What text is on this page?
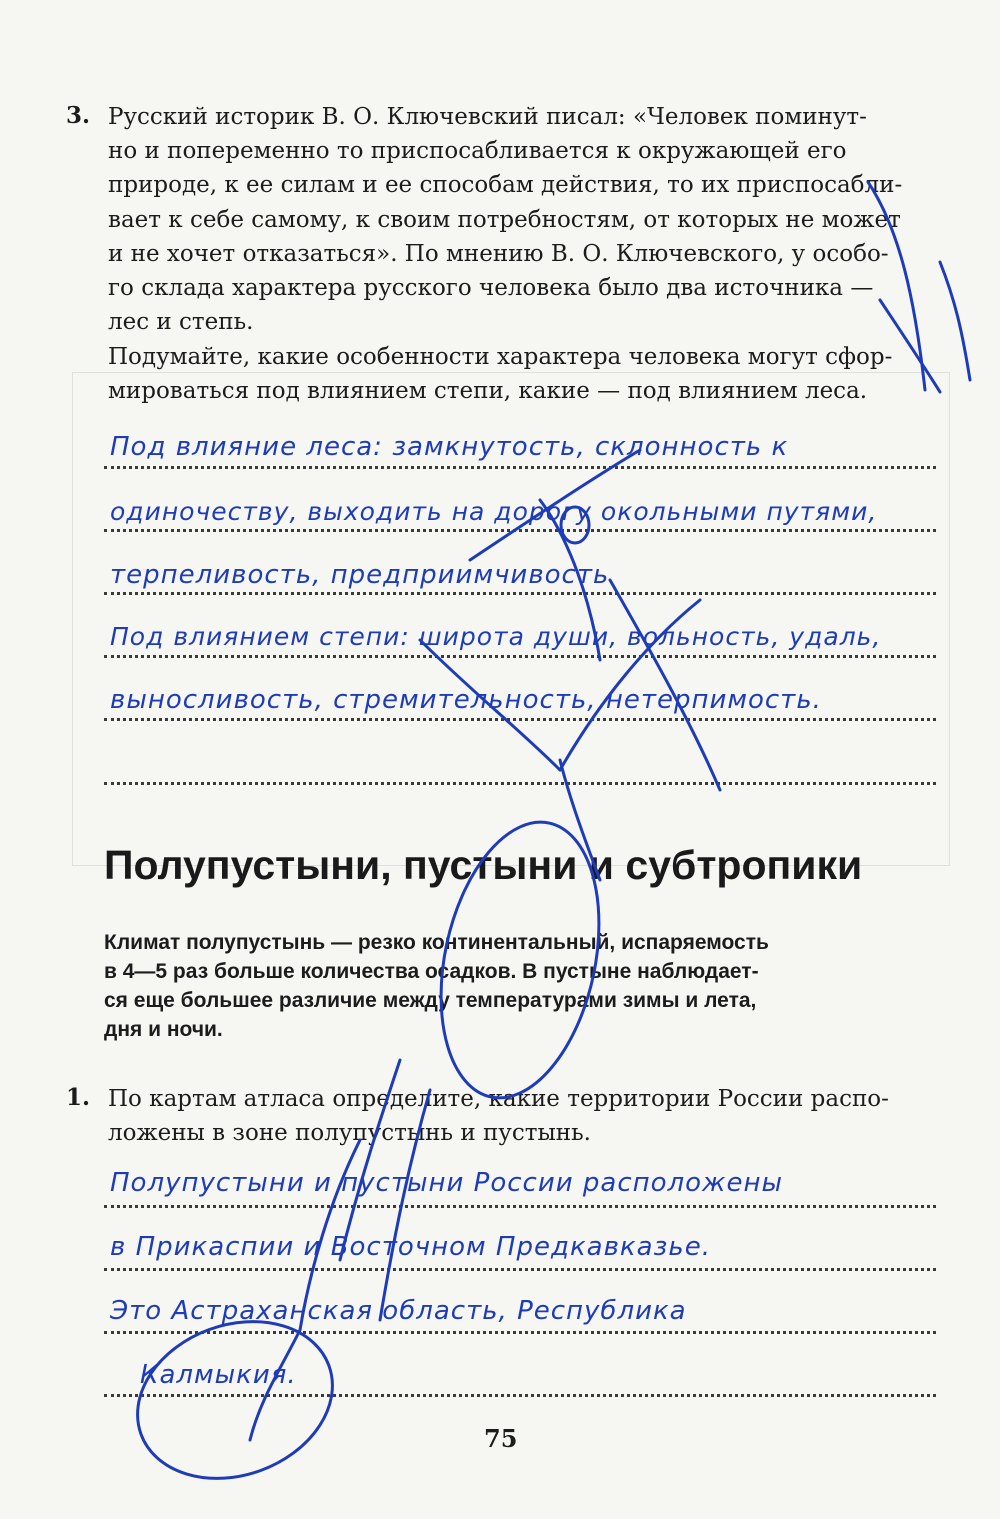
3. Русский историк В. О. Ключевский писал: «Человек поминут-
но и попеременно то приспосабливается к окружающей его
природе, к ее силам и ее способам действия, то их приспосабли-
вает к себе самому, к своим потребностям, от которых не может
и не хочет отказаться». По мнению В. О. Ключевского, у особо-
го склада характера русского человека было два источника —
лес и степь.
Подумайте, какие особенности характера человека могут сфор-
мироваться под влиянием степи, какие — под влиянием леса.
Под влияние леса: замкнутость, склонность к
одиночеству, выходить на дорогу окольными путями,
терпеливость, предприимчивость
Под влиянием степи: широта души, вольность, удаль,
выносливость, стремительность, нетерпимость.
Полупустыни, пустыни и субтропики
Климат полупустынь — резко континентальный, испаряемость
в 4—5 раз больше количества осадков. В пустыне наблюдает-
ся еще большее различие между температурами зимы и лета,
дня и ночи.
1. По картам атласа определите, какие территории России распо-
ложены в зоне полупустынь и пустынь.
Полупустыни и пустыни России расположены
в Прикаспии и Восточном Предкавказье.
Это Астраханская область, Республика
Калмыкия.
75
